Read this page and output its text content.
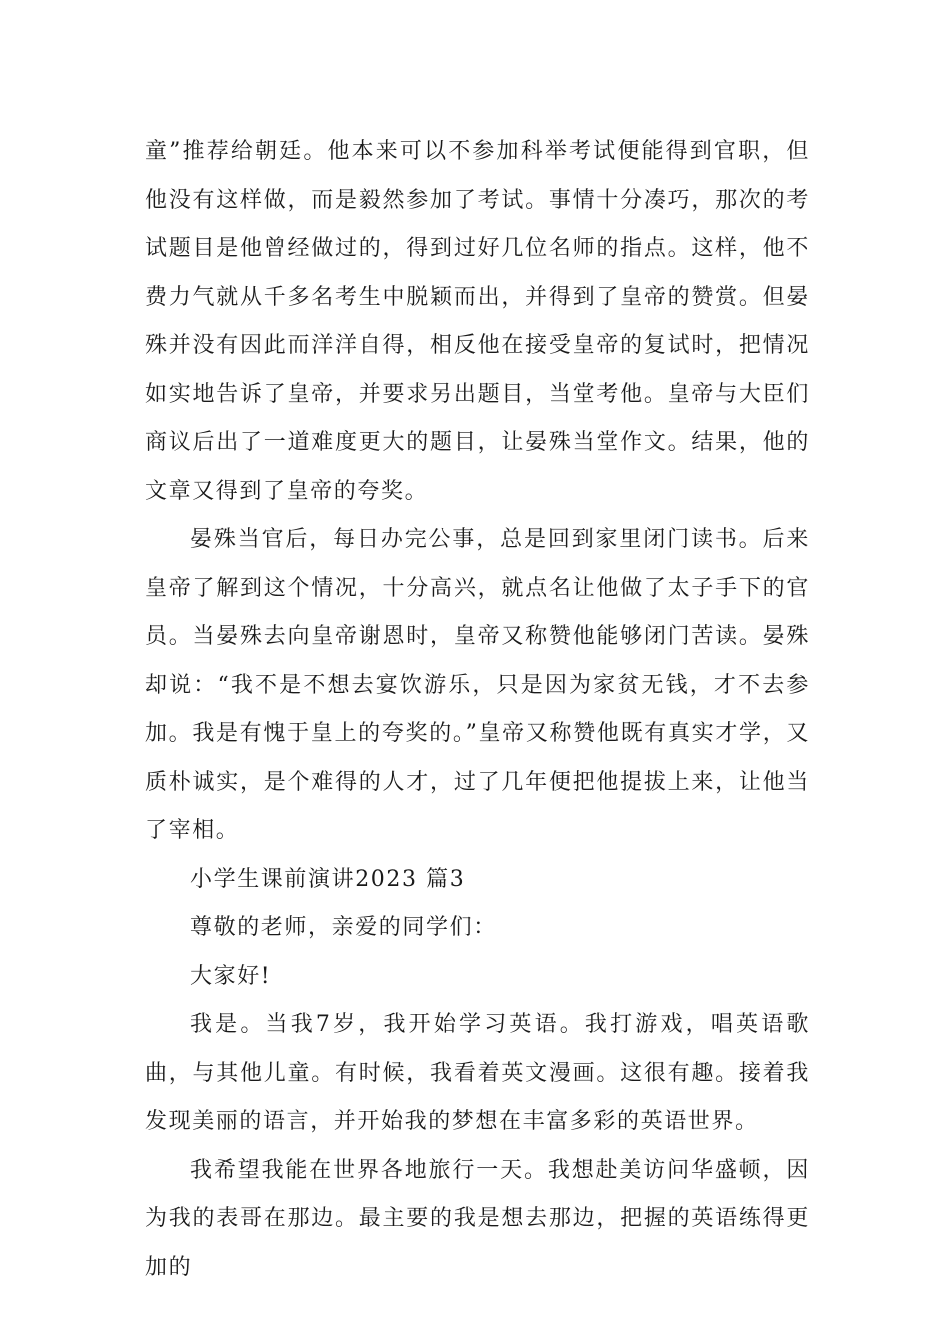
童”推荐给朝廷。他本来可以不参加科举考试便能得到官职，但他没有这样做，而是毅然参加了考试。事情十分凑巧，那次的考试题目是他曾经做过的，得到过好几位名师的指点。这样，他不费力气就从千多名考生中脱颖而出，并得到了皇帝的赞赏。但晏殊并没有因此而洋洋自得，相反他在接受皇帝的复试时，把情况如实地告诉了皇帝，并要求另出题目，当堂考他。皇帝与大臣们商议后出了一道难度更大的题目，让晏殊当堂作文。结果，他的文章又得到了皇帝的夸奖。

晏殊当官后，每日办完公事，总是回到家里闭门读书。后来皇帝了解到这个情况，十分高兴，就点名让他做了太子手下的官员。当晏殊去向皇帝谢恩时，皇帝又称赞他能够闭门苦读。晏殊却说：“我不是不想去宴饮游乐，只是因为家贫无钱，才不去参加。我是有愧于皇上的夸奖的。”皇帝又称赞他既有真实才学，又质朴诚实，是个难得的人才，过了几年便把他提拔上来，让他当了宰相。

小学生课前演讲2023 篇3

尊敬的老师，亲爱的同学们：

大家好!

我是。当我7岁，我开始学习英语。我打游戏，唱英语歌曲，与其他儿童。有时候，我看着英文漫画。这很有趣。接着我发现美丽的语言，并开始我的梦想在丰富多彩的英语世界。

我希望我能在世界各地旅行一天。我想赴美访问华盛顿，因为我的表哥在那边。最主要的我是想去那边，把握的英语练得更加的
